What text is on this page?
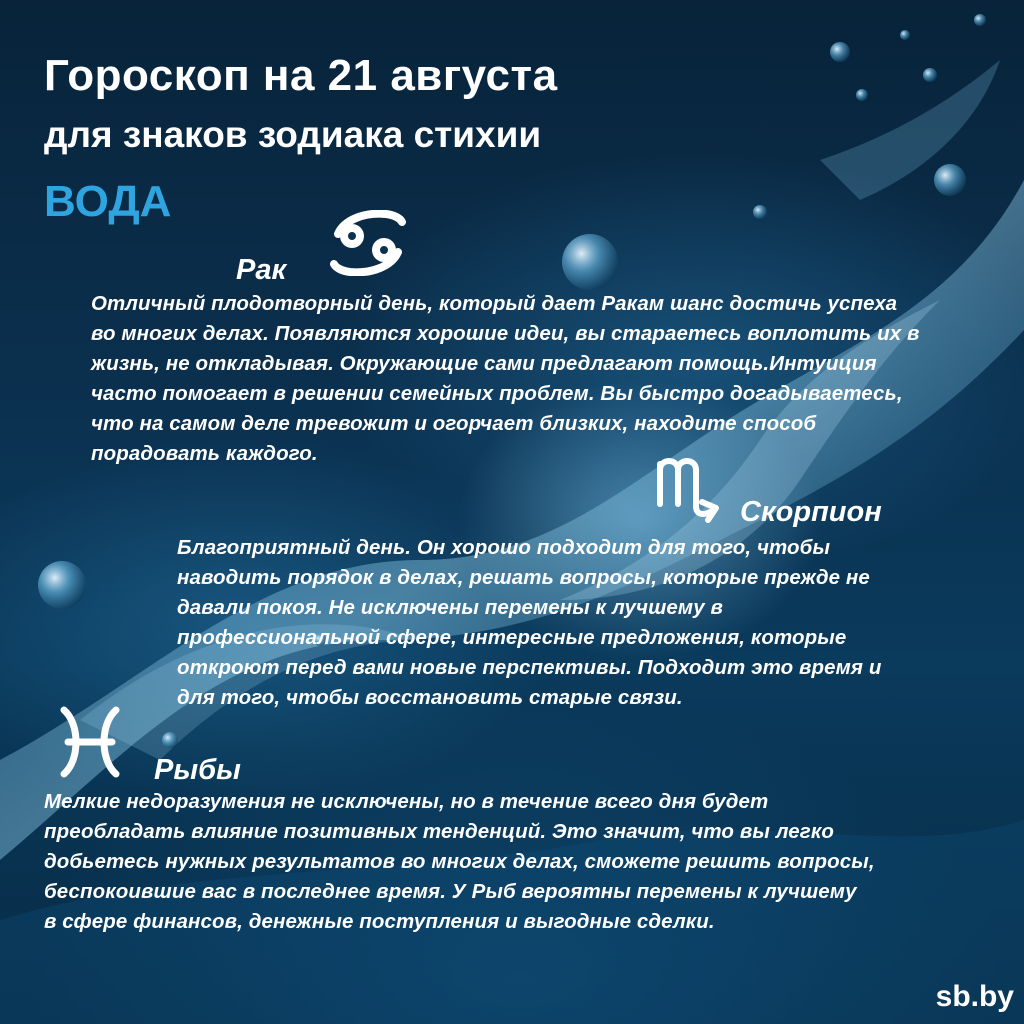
Гороскоп на 21 августа
для знаков зодиака стихии
ВОДА
Рак
Отличный плодотворный день, который дает Ракам шанс достичь успеха
во многих делах. Появляются хорошие идеи, вы стараетесь воплотить их в
жизнь, не откладывая. Окружающие сами предлагают помощь.Интуиция
часто помогает в решении семейных проблем. Вы быстро догадываетесь,
что на самом деле тревожит и огорчает близких, находите способ
порадовать каждого.
Скорпион
Благоприятный день. Он хорошо подходит для того, чтобы
наводить порядок в делах, решать вопросы, которые прежде не
давали покоя. Не исключены перемены к лучшему в
профессиональной сфере, интересные предложения, которые
откроют перед вами новые перспективы. Подходит это время и
для того, чтобы восстановить старые связи.
Рыбы
Мелкие недоразумения не исключены, но в течение всего дня будет
преобладать влияние позитивных тенденций. Это значит, что вы легко
добьетесь нужных результатов во многих делах, сможете решить вопросы,
беспокоившие вас в последнее время. У Рыб вероятны перемены к лучшему
в сфере финансов, денежные поступления и выгодные сделки.
sb.by
